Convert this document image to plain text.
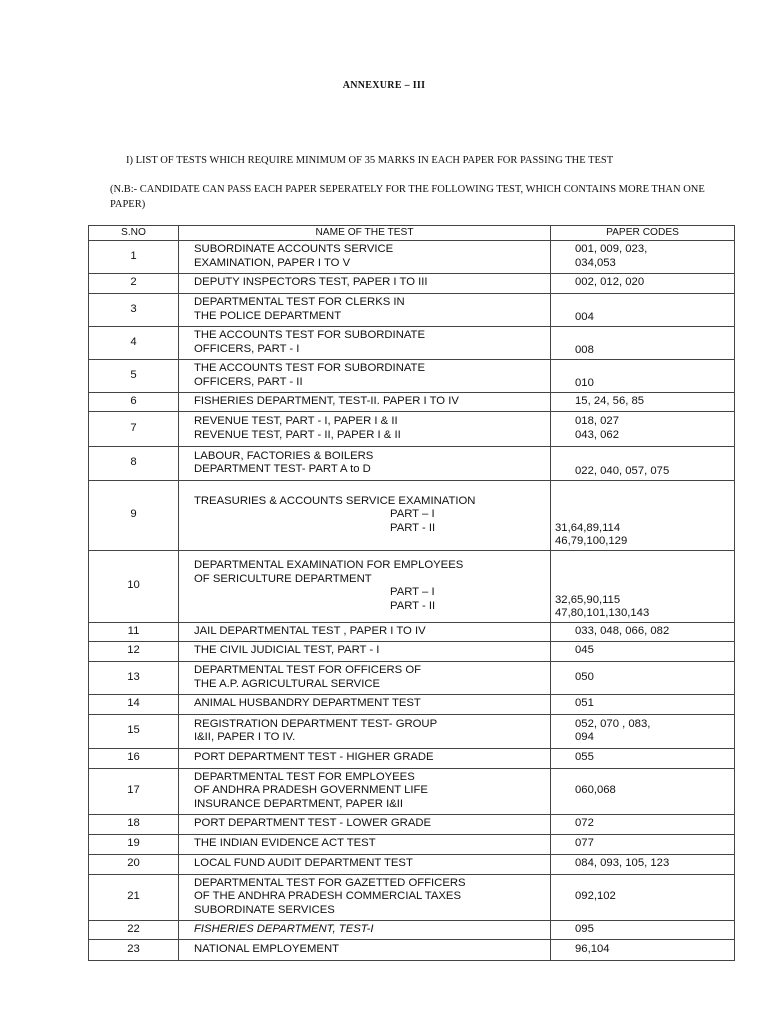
ANNEXURE – III
I) LIST OF TESTS WHICH REQUIRE MINIMUM OF 35 MARKS IN EACH PAPER FOR PASSING THE TEST
(N.B:- CANDIDATE CAN PASS EACH PAPER SEPERATELY FOR THE FOLLOWING TEST, WHICH CONTAINS MORE THAN ONE PAPER)
S.NO	NAME OF THE TEST	PAPER CODES
1	SUBORDINATE ACCOUNTS SERVICE
EXAMINATION, PAPER I TO V	001, 009, 023,
034,053

2	DEPUTY INSPECTORS TEST, PAPER I TO III	002, 012, 020
3	DEPARTMENTAL TEST FOR CLERKS IN
THE POLICE DEPARTMENT	004
4	THE ACCOUNTS TEST FOR SUBORDINATE
OFFICERS, PART - I	008
5	THE ACCOUNTS TEST FOR SUBORDINATE
OFFICERS, PART - II	010
6	FISHERIES DEPARTMENT, TEST-II. PAPER I TO IV	15, 24, 56, 85
7	REVENUE TEST, PART - I, PAPER I & II
REVENUE TEST, PART - II, PAPER I & II	018, 027
043, 062

8	LABOUR, FACTORIES & BOILERS
DEPARTMENT TEST- PART A to D	022, 040, 057, 075
9	TREASURIES & ACCOUNTS SERVICE EXAMINATION
PART – I
PART - II	31,64,89,114
46,79,100,129

10	DEPARTMENTAL EXAMINATION FOR EMPLOYEES
OF SERICULTURE DEPARTMENT
PART – I
PART - II	32,65,90,115
47,80,101,130,143

11	JAIL DEPARTMENTAL TEST , PAPER I TO IV	033, 048, 066, 082
12	THE CIVIL JUDICIAL TEST, PART - I	045
13	DEPARTMENTAL TEST FOR OFFICERS OF
THE A.P. AGRICULTURAL SERVICE	050
14	ANIMAL HUSBANDRY DEPARTMENT TEST	051
15	REGISTRATION DEPARTMENT TEST- GROUP
I&II, PAPER I TO IV.	052, 070 , 083,
094

16	PORT DEPARTMENT TEST - HIGHER GRADE	055
17	DEPARTMENTAL TEST FOR EMPLOYEES
OF ANDHRA PRADESH GOVERNMENT LIFE
INSURANCE DEPARTMENT, PAPER I&II	060,068
18	PORT DEPARTMENT TEST - LOWER GRADE	072
19	THE INDIAN EVIDENCE ACT TEST	077
20	LOCAL FUND AUDIT DEPARTMENT TEST	084, 093, 105, 123
21	DEPARTMENTAL TEST FOR GAZETTED OFFICERS
OF THE ANDHRA PRADESH COMMERCIAL TAXES
SUBORDINATE SERVICES	092,102
22	FISHERIES DEPARTMENT, TEST-I	095
23	NATIONAL EMPLOYEMENT	96,104
